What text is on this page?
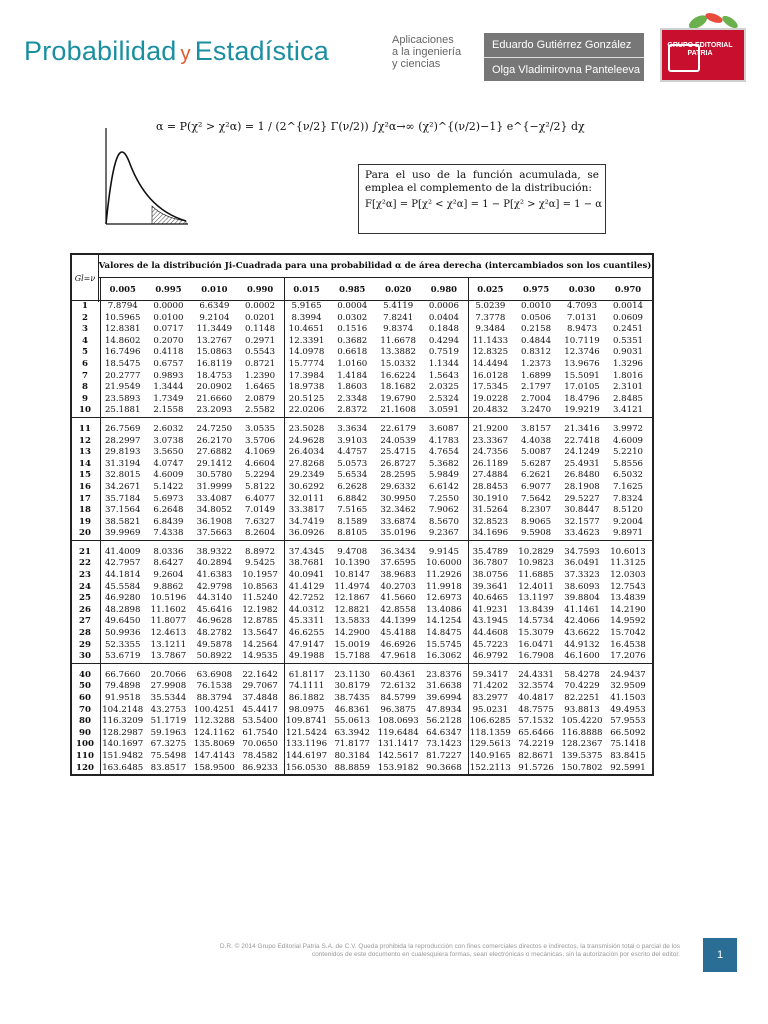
Probabilidad y Estadística	Aplicaciones
a la ingeniería
y ciencias
Eduardo Gutiérrez González
Olga Vladimirovna Panteleeva
GRUPO EDITORIAL PATRIA
α = P(χ² > χ²α) = 1 / (2^{ν/2} Γ(ν/2)) ∫χ²α→∞ (χ²)^{(ν/2)−1} e^{−χ²/2} dχ
Para el uso de la función acumulada, se emplea el complemento de la distribución:
F[χ²α] = P[χ² < χ²α] = 1 − P[χ² > χ²α] = 1 − α
Gl=ν
Valores de la distribución Ji-Cuadrada para una probabilidad α de área derecha (intercambiados son los cuantiles)
	0.005	0.995	0.010	0.990	0.015	0.985	0.020	0.980	0.025	0.975	0.030	0.970
1	7.8794	0.0000	6.6349	0.0002	5.9165	0.0004	5.4119	0.0006	5.0239	0.0010	4.7093	0.0014
2	10.5965	0.0100	9.2104	0.0201	8.3994	0.0302	7.8241	0.0404	7.3778	0.0506	7.0131	0.0609
3	12.8381	0.0717	11.3449	0.1148	10.4651	0.1516	9.8374	0.1848	9.3484	0.2158	8.9473	0.2451
4	14.8602	0.2070	13.2767	0.2971	12.3391	0.3682	11.6678	0.4294	11.1433	0.4844	10.7119	0.5351
5	16.7496	0.4118	15.0863	0.5543	14.0978	0.6618	13.3882	0.7519	12.8325	0.8312	12.3746	0.9031
6	18.5475	0.6757	16.8119	0.8721	15.7774	1.0160	15.0332	1.1344	14.4494	1.2373	13.9676	1.3296
7	20.2777	0.9893	18.4753	1.2390	17.3984	1.4184	16.6224	1.5643	16.0128	1.6899	15.5091	1.8016
8	21.9549	1.3444	20.0902	1.6465	18.9738	1.8603	18.1682	2.0325	17.5345	2.1797	17.0105	2.3101
9	23.5893	1.7349	21.6660	2.0879	20.5125	2.3348	19.6790	2.5324	19.0228	2.7004	18.4796	2.8485
10	25.1881	2.1558	23.2093	2.5582	22.0206	2.8372	21.1608	3.0591	20.4832	3.2470	19.9219	3.4121

11	26.7569	2.6032	24.7250	3.0535	23.5028	3.3634	22.6179	3.6087	21.9200	3.8157	21.3416	3.9972
12	28.2997	3.0738	26.2170	3.5706	24.9628	3.9103	24.0539	4.1783	23.3367	4.4038	22.7418	4.6009
13	29.8193	3.5650	27.6882	4.1069	26.4034	4.4757	25.4715	4.7654	24.7356	5.0087	24.1249	5.2210
14	31.3194	4.0747	29.1412	4.6604	27.8268	5.0573	26.8727	5.3682	26.1189	5.6287	25.4931	5.8556
15	32.8015	4.6009	30.5780	5.2294	29.2349	5.6534	28.2595	5.9849	27.4884	6.2621	26.8480	6.5032
16	34.2671	5.1422	31.9999	5.8122	30.6292	6.2628	29.6332	6.6142	28.8453	6.9077	28.1908	7.1625
17	35.7184	5.6973	33.4087	6.4077	32.0111	6.8842	30.9950	7.2550	30.1910	7.5642	29.5227	7.8324
18	37.1564	6.2648	34.8052	7.0149	33.3817	7.5165	32.3462	7.9062	31.5264	8.2307	30.8447	8.5120
19	38.5821	6.8439	36.1908	7.6327	34.7419	8.1589	33.6874	8.5670	32.8523	8.9065	32.1577	9.2004
20	39.9969	7.4338	37.5663	8.2604	36.0926	8.8105	35.0196	9.2367	34.1696	9.5908	33.4623	9.8971

21	41.4009	8.0336	38.9322	8.8972	37.4345	9.4708	36.3434	9.9145	35.4789	10.2829	34.7593	10.6013
22	42.7957	8.6427	40.2894	9.5425	38.7681	10.1390	37.6595	10.6000	36.7807	10.9823	36.0491	11.3125
23	44.1814	9.2604	41.6383	10.1957	40.0941	10.8147	38.9683	11.2926	38.0756	11.6885	37.3323	12.0303
24	45.5584	9.8862	42.9798	10.8563	41.4129	11.4974	40.2703	11.9918	39.3641	12.4011	38.6093	12.7543
25	46.9280	10.5196	44.3140	11.5240	42.7252	12.1867	41.5660	12.6973	40.6465	13.1197	39.8804	13.4839
26	48.2898	11.1602	45.6416	12.1982	44.0312	12.8821	42.8558	13.4086	41.9231	13.8439	41.1461	14.2190
27	49.6450	11.8077	46.9628	12.8785	45.3311	13.5833	44.1399	14.1254	43.1945	14.5734	42.4066	14.9592
28	50.9936	12.4613	48.2782	13.5647	46.6255	14.2900	45.4188	14.8475	44.4608	15.3079	43.6622	15.7042
29	52.3355	13.1211	49.5878	14.2564	47.9147	15.0019	46.6926	15.5745	45.7223	16.0471	44.9132	16.4538
30	53.6719	13.7867	50.8922	14.9535	49.1988	15.7188	47.9618	16.3062	46.9792	16.7908	46.1600	17.2076

40	66.7660	20.7066	63.6908	22.1642	61.8117	23.1130	60.4361	23.8376	59.3417	24.4331	58.4278	24.9437
50	79.4898	27.9908	76.1538	29.7067	74.1111	30.8179	72.6132	31.6638	71.4202	32.3574	70.4229	32.9509
60	91.9518	35.5344	88.3794	37.4848	86.1882	38.7435	84.5799	39.6994	83.2977	40.4817	82.2251	41.1503
70	104.2148	43.2753	100.4251	45.4417	98.0975	46.8361	96.3875	47.8934	95.0231	48.7575	93.8813	49.4953
80	116.3209	51.1719	112.3288	53.5400	109.8741	55.0613	108.0693	56.2128	106.6285	57.1532	105.4220	57.9553
90	128.2987	59.1963	124.1162	61.7540	121.5424	63.3942	119.6484	64.6347	118.1359	65.6466	116.8888	66.5092
100	140.1697	67.3275	135.8069	70.0650	133.1196	71.8177	131.1417	73.1423	129.5613	74.2219	128.2367	75.1418
110	151.9482	75.5498	147.4143	78.4582	144.6197	80.3184	142.5617	81.7227	140.9165	82.8671	139.5375	83.8415
120	163.6485	83.8517	158.9500	86.9233	156.0530	88.8859	153.9182	90.3668	152.2113	91.5726	150.7802	92.5991
D.R. © 2014 Grupo Editorial Patria S.A. de C.V. Queda prohibida la reproducción con fines comerciales directos e indirectos, la transmisión total o parcial de los contenidos de este documento en cualesquiera formas, sean electrónicas o mecánicas, sin la autorización por escrito del editor.	1
